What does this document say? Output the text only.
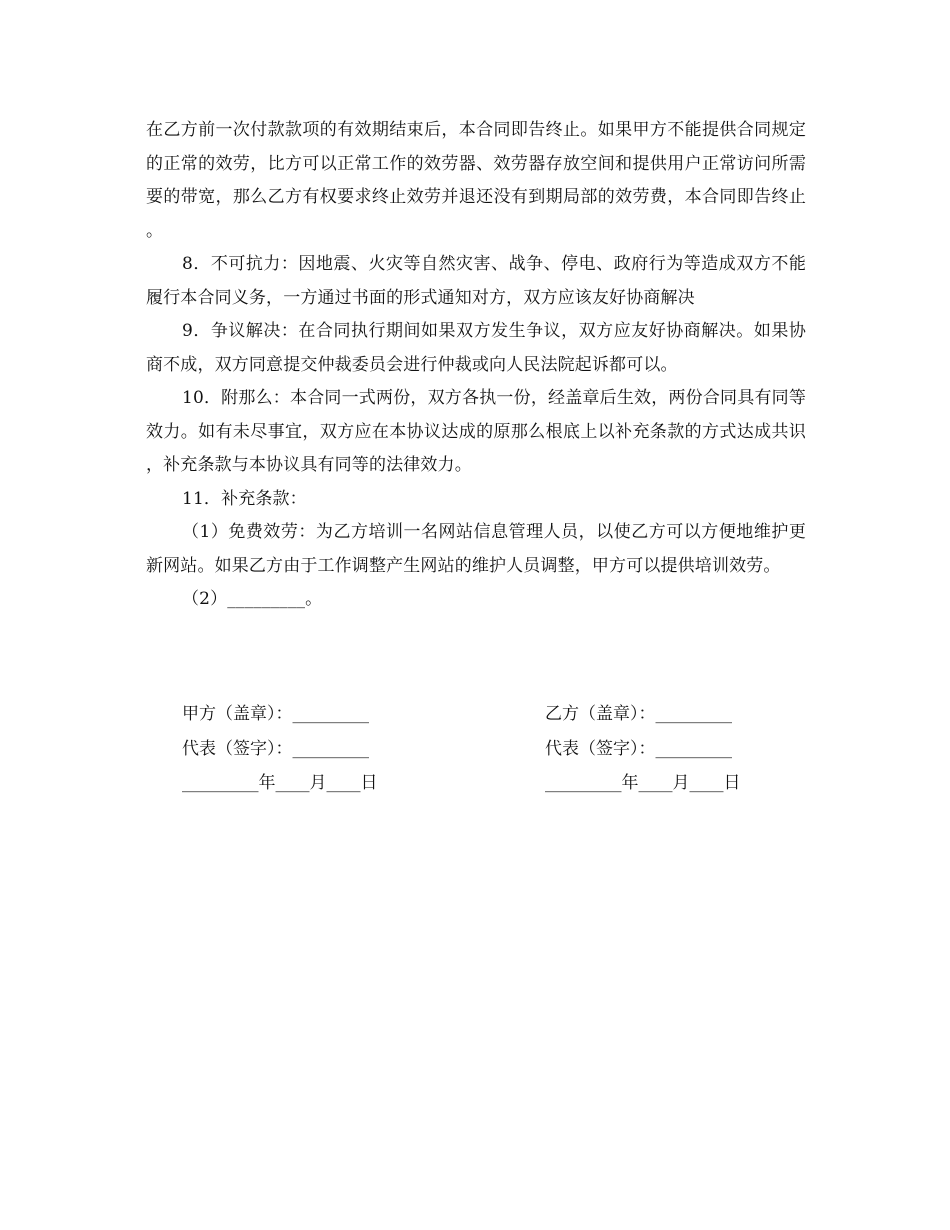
在乙方前一次付款款项的有效期结束后，本合同即告终止。如果甲方不能提供合同规定的正常的效劳，比方可以正常工作的效劳器、效劳器存放空间和提供用户正常访问所需要的带宽，那么乙方有权要求终止效劳并退还没有到期局部的效劳费，本合同即告终止。

8．不可抗力：因地震、火灾等自然灾害、战争、停电、政府行为等造成双方不能履行本合同义务，一方通过书面的形式通知对方，双方应该友好协商解决

9．争议解决：在合同执行期间如果双方发生争议，双方应友好协商解决。如果协商不成，双方同意提交仲裁委员会进行仲裁或向人民法院起诉都可以。

10．附那么：本合同一式两份，双方各执一份，经盖章后生效，两份合同具有同等效力。如有未尽事宜，双方应在本协议达成的原那么根底上以补充条款的方式达成共识，补充条款与本协议具有同等的法律效力。

11．补充条款：

（1）免费效劳：为乙方培训一名网站信息管理人员，以使乙方可以方便地维护更新网站。如果乙方由于工作调整产生网站的维护人员调整，甲方可以提供培训效劳。

（2）_________。

甲方（盖章）：_________	乙方（盖章）：_________
代表（签字）：_________	代表（签字）：_________
_________年____月____日	_________年____月____日
